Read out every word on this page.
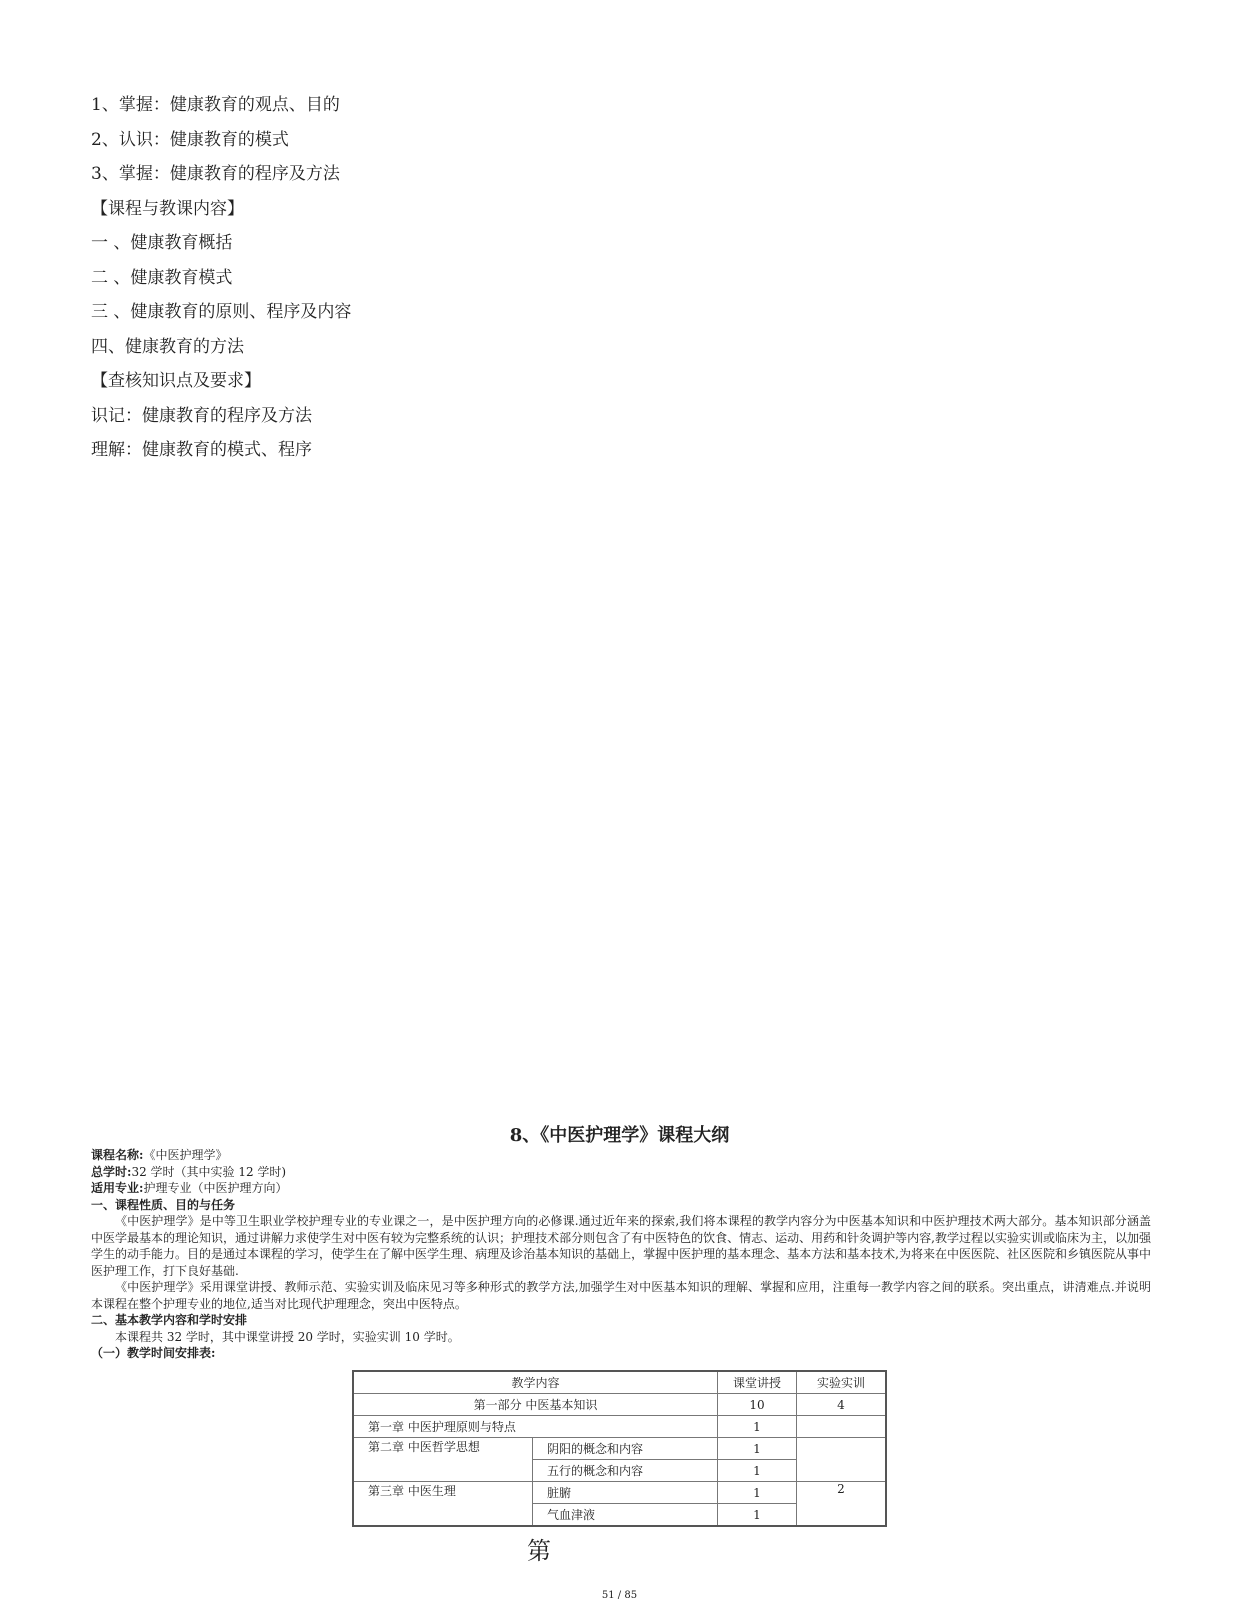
1、掌握：健康教育的观点、目的
2、认识：健康教育的模式
3、掌握：健康教育的程序及方法
【课程与教课内容】
一 、健康教育概括
二 、健康教育模式
三 、健康教育的原则、程序及内容
四、健康教育的方法
【查核知识点及要求】
识记：健康教育的程序及方法
理解：健康教育的模式、程序
8、《中医护理学》课程大纲
课程名称:《中医护理学》
总学时:32 学时（其中实验 12 学时)
适用专业:护理专业（中医护理方向）
一、课程性质、目的与任务
《中医护理学》是中等卫生职业学校护理专业的专业课之一，是中医护理方向的必修课.通过近年来的探索,我们将本课程的教学内容分为中医基本知识和中医护理技术两大部分。基本知识部分涵盖中医学最基本的理论知识，通过讲解力求使学生对中医有较为完整系统的认识；护理技术部分则包含了有中医特色的饮食、情志、运动、用药和针灸调护等内容,教学过程以实验实训或临床为主，以加强学生的动手能力。目的是通过本课程的学习，使学生在了解中医学生理、病理及诊治基本知识的基础上，掌握中医护理的基本理念、基本方法和基本技术,为将来在中医医院、社区医院和乡镇医院从事中医护理工作，打下良好基础.
《中医护理学》采用课堂讲授、教师示范、实验实训及临床见习等多种形式的教学方法,加强学生对中医基本知识的理解、掌握和应用，注重每一教学内容之间的联系。突出重点，讲清难点.并说明本课程在整个护理专业的地位,适当对比现代护理理念，突出中医特点。
二、基本教学内容和学时安排
本课程共 32 学时，其中课堂讲授 20 学时，实验实训 10 学时。
（一）教学时间安排表:
教学内容		课堂讲授	实验实训
第一部分 中医基本知识		10	4
第一章 中医护理原则与特点		1	
第二章 中医哲学思想	阴阳的概念和内容	1	
	五行的概念和内容	1	
第三章 中医生理	脏腑	1	2
	气血津液	1	
第
51 / 85
